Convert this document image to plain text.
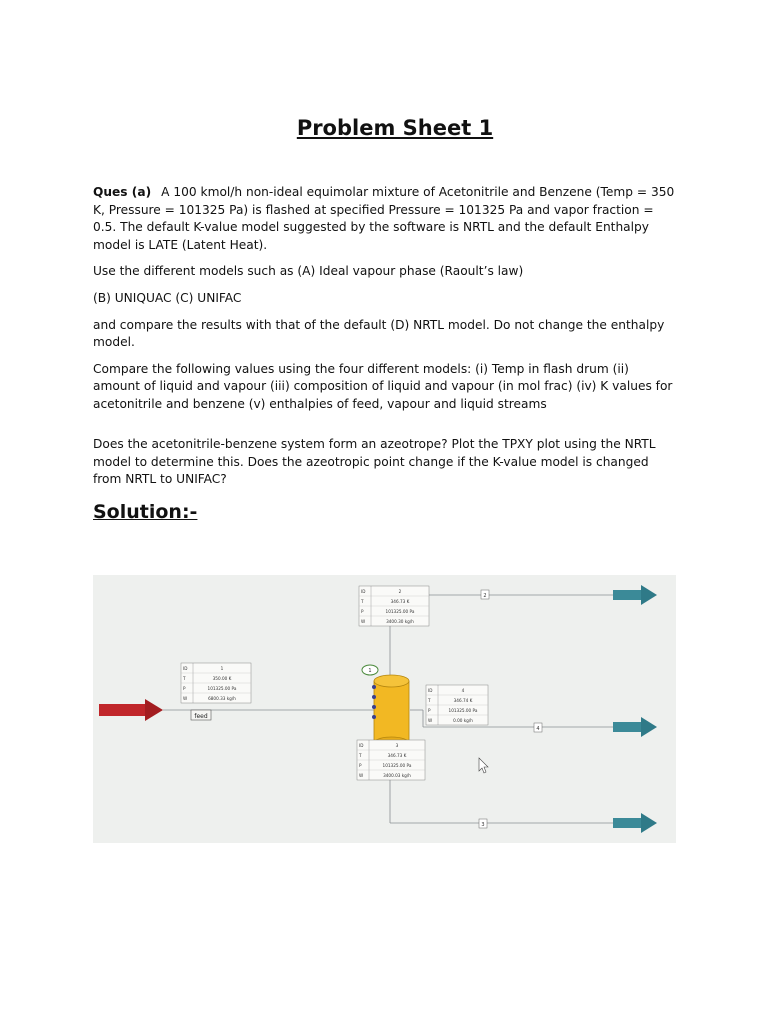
Problem Sheet 1

Ques (a) A 100 kmol/h non-ideal equimolar mixture of Acetonitrile and Benzene (Temp = 350 K, Pressure = 101325 Pa) is flashed at specified Pressure = 101325 Pa and vapor fraction = 0.5. The default K-value model suggested by the software is NRTL and the default Enthalpy model is LATE (Latent Heat).

Use the different models such as (A) Ideal vapour phase (Raoult’s law)

(B) UNIQUAC (C) UNIFAC

and compare the results with that of the default (D) NRTL model. Do not change the enthalpy model.

Compare the following values using the four different models: (i) Temp in flash drum (ii) amount of liquid and vapour (iii) composition of liquid and vapour (in mol frac) (iv) K values for acetonitrile and benzene (v) enthalpies of feed, vapour and liquid streams

Does the acetonitrile-benzene system form an azeotrope? Plot the TPXY plot using the NRTL model to determine this. Does the azeotropic point change if the K-value model is changed from NRTL to UNIFAC?

Solution:-
1
feed
2
4
3
ID
T
P
W
1
350.00 K
101325.00 Pa
6800.33 kg/h
ID
T
P
W
2
346.73 K
101325.00 Pa
3400.30 kg/h
ID
T
P
W
4
346.74 K
101325.00 Pa
0.00 kg/h
ID
T
P
W
3
346.73 K
101325.00 Pa
3400.03 kg/h
